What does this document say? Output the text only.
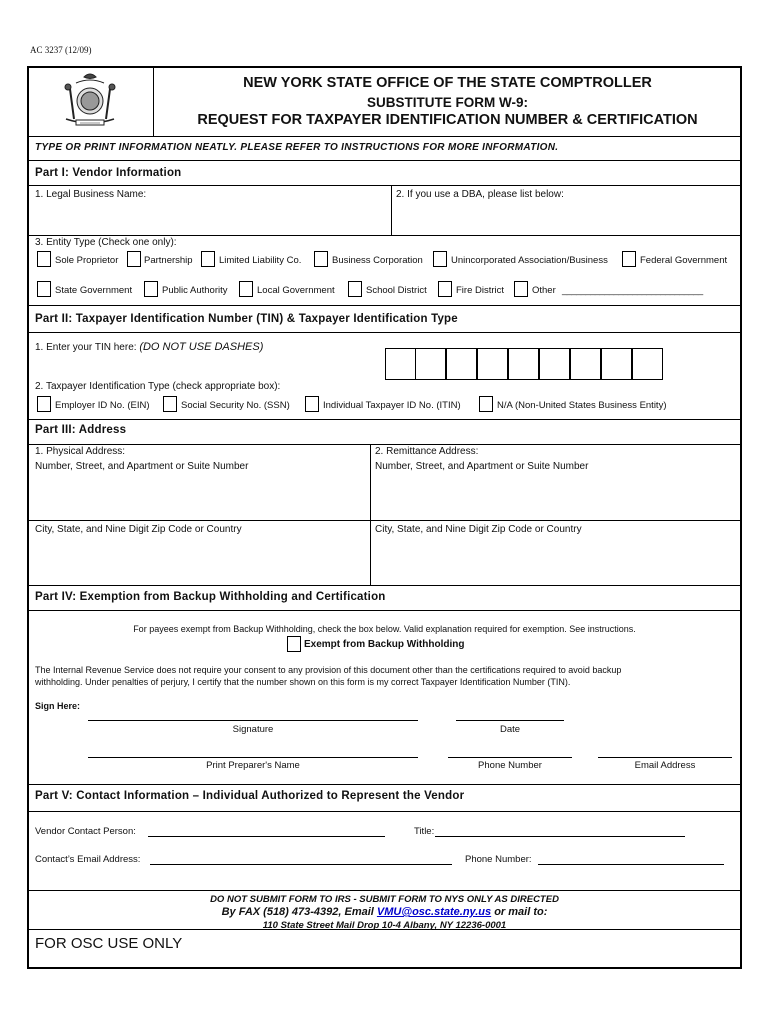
AC 3237 (12/09)
NEW YORK STATE OFFICE OF THE STATE COMPTROLLER
SUBSTITUTE FORM W-9:
REQUEST FOR TAXPAYER IDENTIFICATION NUMBER & CERTIFICATION
TYPE OR PRINT INFORMATION NEATLY. PLEASE REFER TO INSTRUCTIONS FOR MORE INFORMATION.
Part I: Vendor Information
1. Legal Business Name:	2. If you use a DBA, please list below:
3. Entity Type (Check one only):
Sole Proprietor	Partnership	Limited Liability Co.	Business Corporation	Unincorporated Association/Business	Federal Government
State Government	Public Authority	Local Government	School District	Fire District	Other ______________________________
Part II: Taxpayer Identification Number (TIN) & Taxpayer Identification Type
1. Enter your TIN here: (DO NOT USE DASHES)
2. Taxpayer Identification Type (check appropriate box):
Employer ID No. (EIN)	Social Security No. (SSN)	Individual Taxpayer ID No. (ITIN)	N/A (Non-United States Business Entity)
Part III: Address
1. Physical Address:
Number, Street, and Apartment or Suite Number
City, State, and Nine Digit Zip Code or Country
2. Remittance Address:
Number, Street, and Apartment or Suite Number
City, State, and Nine Digit Zip Code or Country
Part IV: Exemption from Backup Withholding and Certification
For payees exempt from Backup Withholding, check the box below. Valid explanation required for exemption. See instructions.
Exempt from Backup Withholding
The Internal Revenue Service does not require your consent to any provision of this document other than the certifications required to avoid backup
withholding. Under penalties of perjury, I certify that the number shown on this form is my correct Taxpayer Identification Number (TIN).
Sign Here:
Signature	Date
Print Preparer's Name	Phone Number	Email Address
Part V: Contact Information – Individual Authorized to Represent the Vendor
Vendor Contact Person:	Title:
Contact’s Email Address:	Phone Number:
DO NOT SUBMIT FORM TO IRS - SUBMIT FORM TO NYS ONLY AS DIRECTED
By FAX (518) 473-4392, Email VMU@osc.state.ny.us or mail to:
110 State Street Mail Drop 10-4 Albany, NY 12236-0001
FOR OSC USE ONLY
